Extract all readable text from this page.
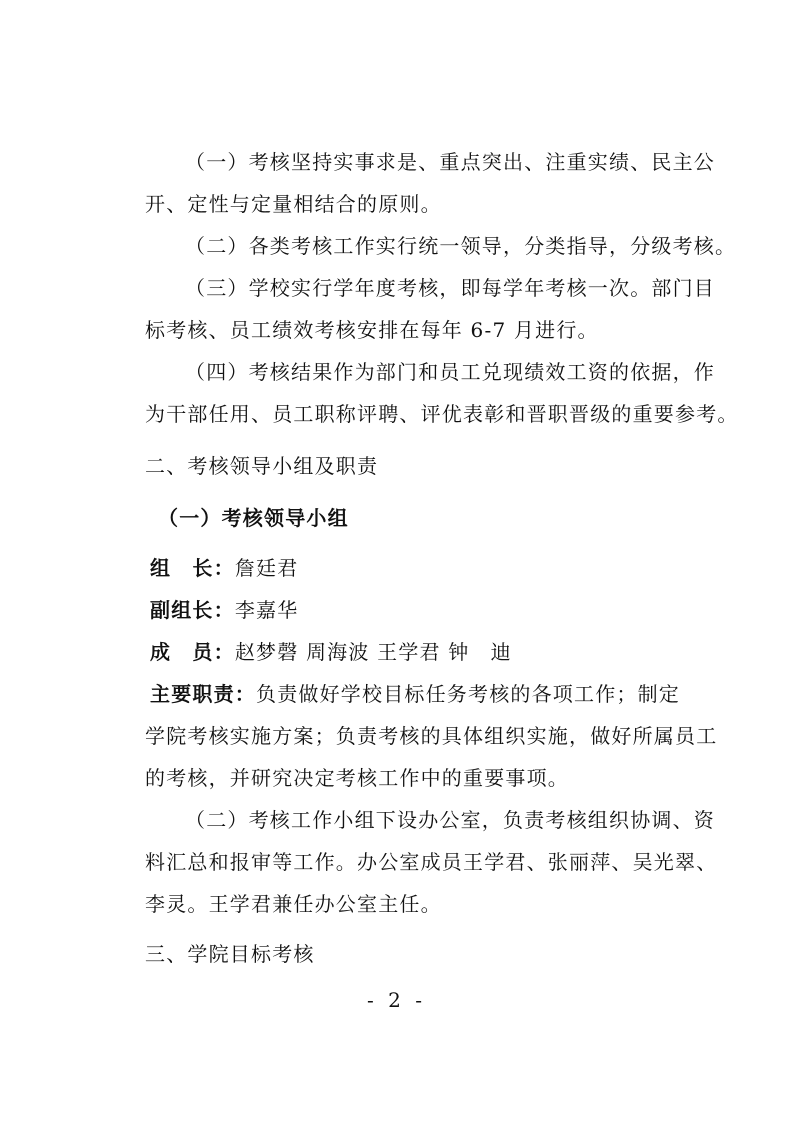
（一）考核坚持实事求是、重点突出、注重实绩、民主公
开、定性与定量相结合的原则。
（二）各类考核工作实行统一领导，分类指导，分级考核。
（三）学校实行学年度考核，即每学年考核一次。部门目
标考核、员工绩效考核安排在每年 6-7 月进行。
（四）考核结果作为部门和员工兑现绩效工资的依据，作
为干部任用、员工职称评聘、评优表彰和晋职晋级的重要参考。
二、考核领导小组及职责
（一）考核领导小组
组　长：詹廷君
副组长：李嘉华
成　员：赵梦磬 周海波 王学君 钟　迪
主要职责：负责做好学校目标任务考核的各项工作；制定
学院考核实施方案；负责考核的具体组织实施，做好所属员工
的考核，并研究决定考核工作中的重要事项。
（二）考核工作小组下设办公室，负责考核组织协调、资
料汇总和报审等工作。办公室成员王学君、张丽萍、吴光翠、
李灵。王学君兼任办公室主任。
三、学院目标考核
- 2 -
